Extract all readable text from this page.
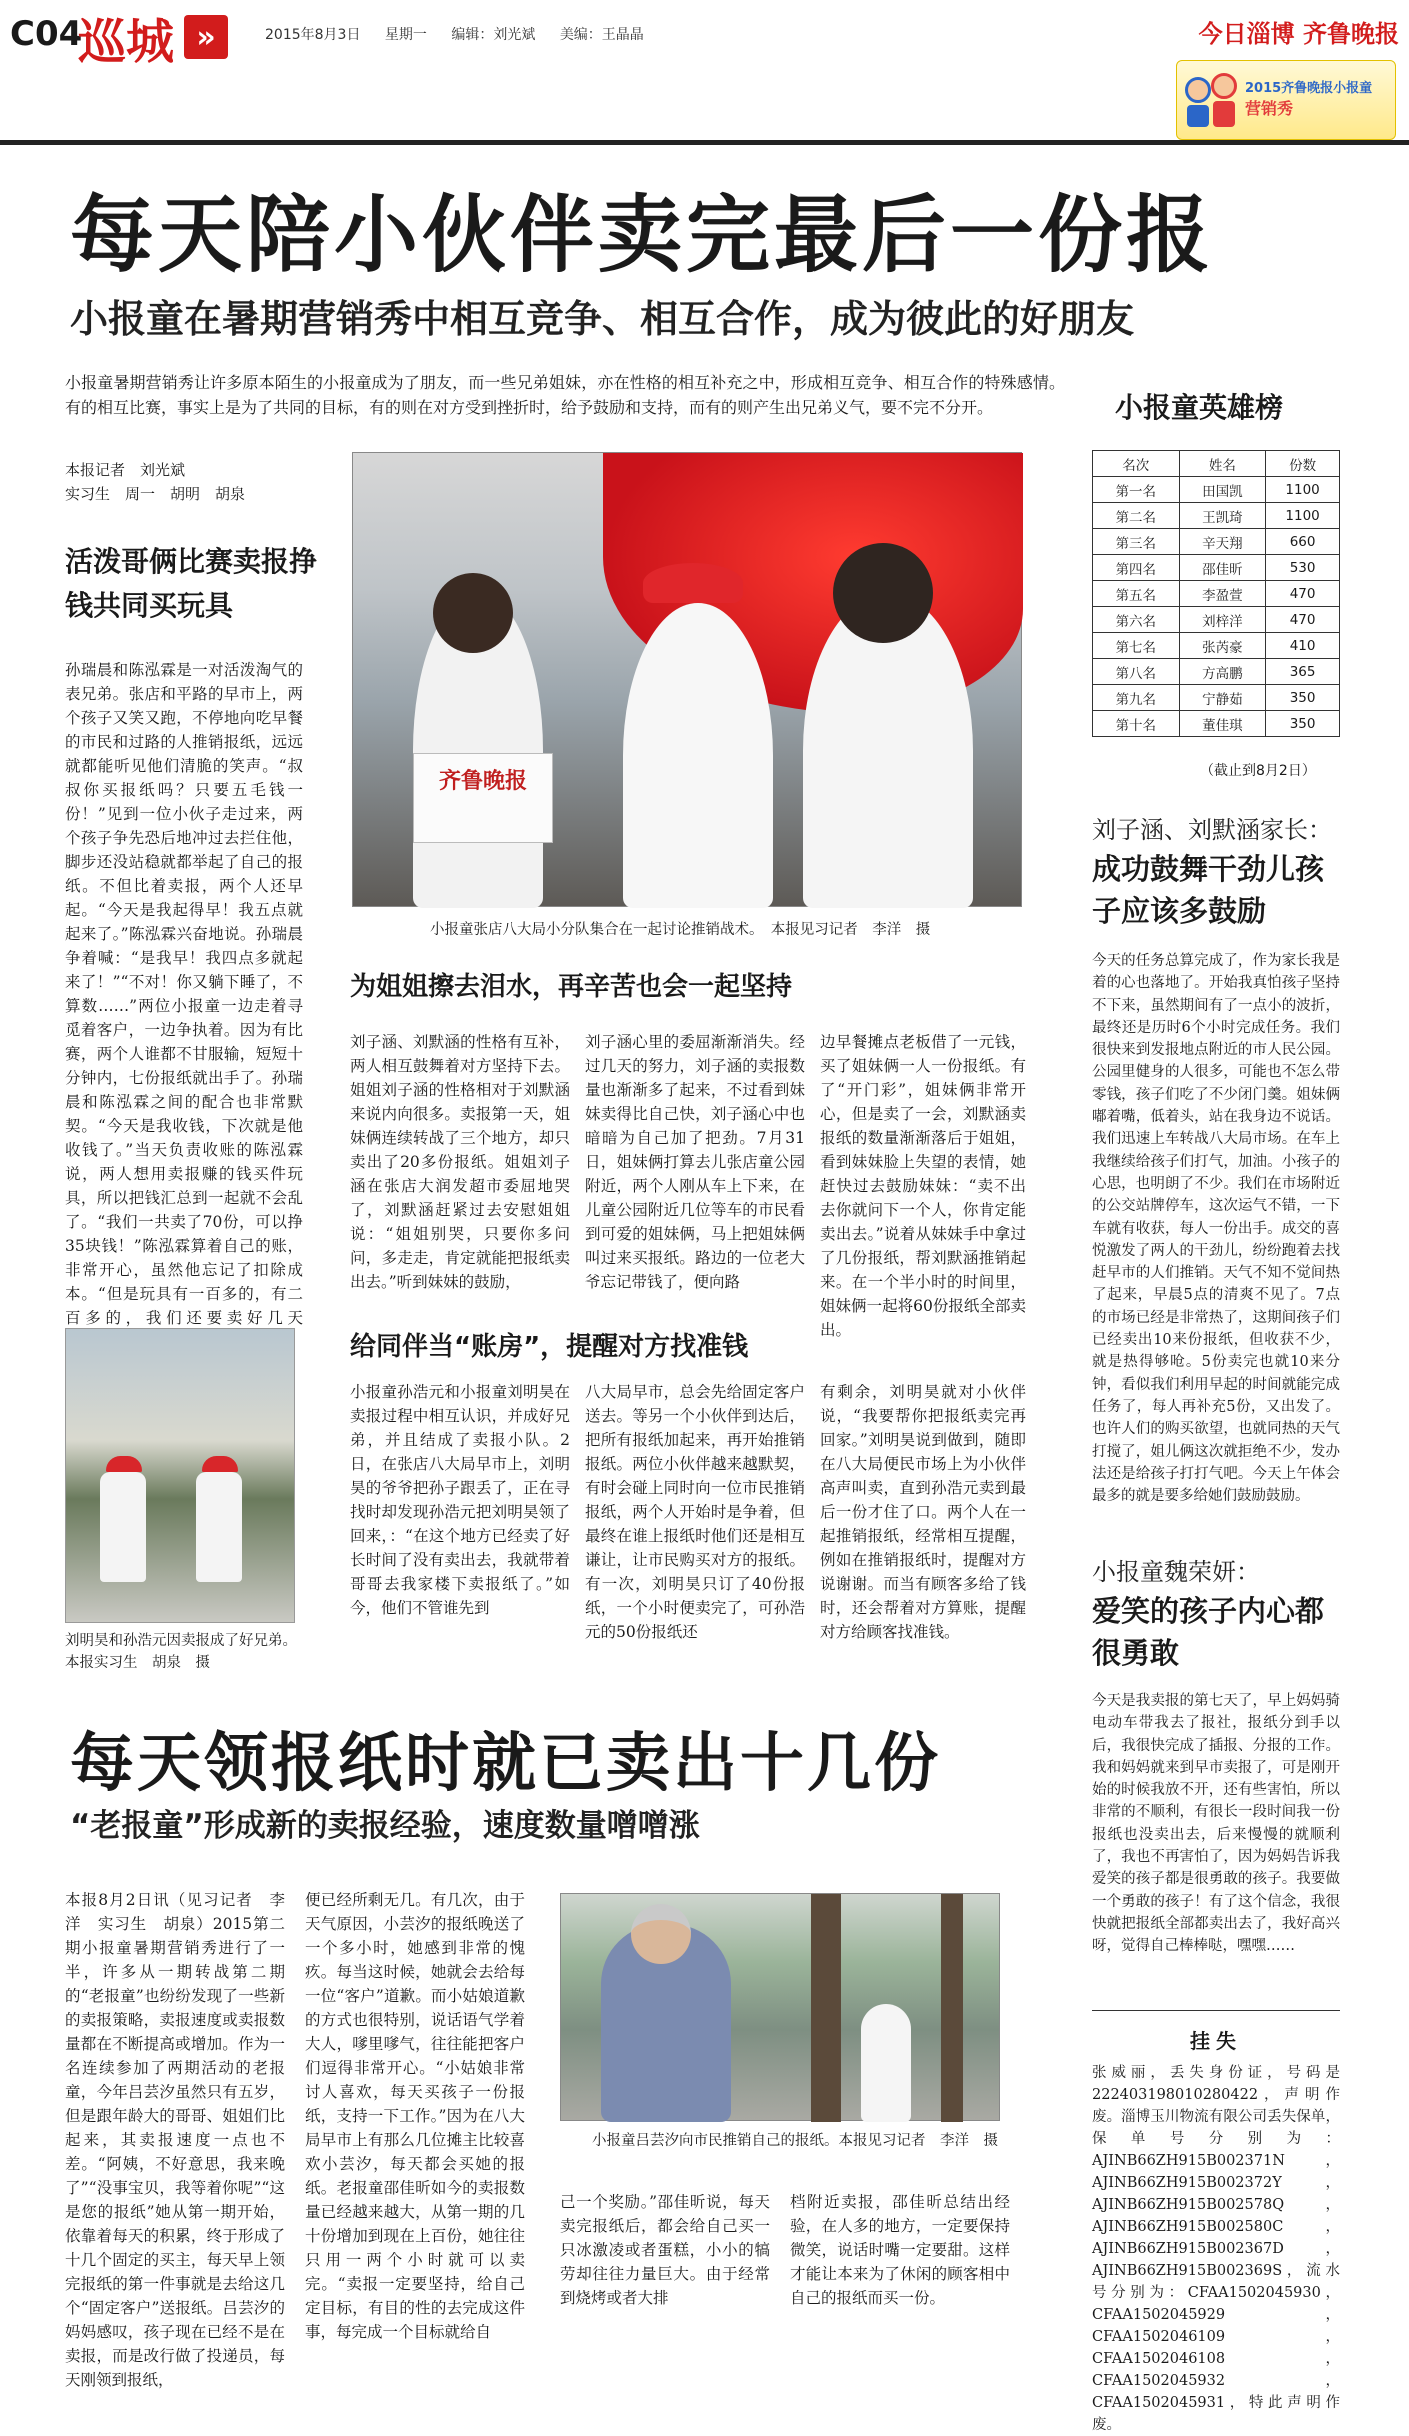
C04
巡城 »	2015年8月3日 星期一 编辑：刘光斌 美编：王晶晶	今日淄博 齐鲁晚报
2015齐鲁晚报小报童
营销秀
每天陪小伙伴卖完最后一份报
小报童在暑期营销秀中相互竞争、相互合作，成为彼此的好朋友

小报童暑期营销秀让许多原本陌生的小报童成为了朋友，而一些兄弟姐妹，亦在性格的相互补充之中，形成相互竞争、相互合作的特殊感情。有的相互比赛，事实上是为了共同的目标，有的则在对方受到挫折时，给予鼓励和支持，而有的则产生出兄弟义气，要不完不分开。

本报记者　刘光斌
实习生　周一　胡明　胡泉
活泼哥俩比赛卖报挣钱共同买玩具

孙瑞晨和陈泓霖是一对活泼淘气的表兄弟。张店和平路的早市上，两个孩子又笑又跑，不停地向吃早餐的市民和过路的人推销报纸，远远就都能听见他们清脆的笑声。“叔叔你买报纸吗？只要五毛钱一份！”见到一位小伙子走过来，两个孩子争先恐后地冲过去拦住他，脚步还没站稳就都举起了自己的报纸。不但比着卖报，两个人还早起。“今天是我起得早！我五点就起来了。”陈泓霖兴奋地说。孙瑞晨争着喊：“是我早！我四点多就起来了！”“不对！你又躺下睡了，不算数……”两位小报童一边走着寻觅着客户，一边争执着。因为有比赛，两个人谁都不甘服输，短短十分钟内，七份报纸就出手了。孙瑞晨和陈泓霖之间的配合也非常默契。“今天是我收钱，下次就是他收钱了。”当天负责收账的陈泓霖说，两人想用卖报赚的钱买件玩具，所以把钱汇总到一起就不会乱了。“我们一共卖了70份，可以挣35块钱！”陈泓霖算着自己的账，非常开心，虽然他忘记了扣除成本。“但是玩具有一百多的，有二百多的，我们还要卖好几天

齐鲁晚报
小报童张店八大局小分队集合在一起讨论推销战术。　本报见习记者　李洋　摄
为姐姐擦去泪水，再辛苦也会一起坚持

刘子涵、刘默涵的性格有互补，两人相互鼓舞着对方坚持下去。姐姐刘子涵的性格相对于刘默涵来说内向很多。卖报第一天，姐妹俩连续转战了三个地方，却只卖出了20多份报纸。姐姐刘子涵在张店大润发超市委屈地哭了，刘默涵赶紧过去安慰姐姐说：“姐姐别哭，只要你多问问，多走走，肯定就能把报纸卖出去。”听到妹妹的鼓励，

刘子涵心里的委屈渐渐消失。经过几天的努力，刘子涵的卖报数量也渐渐多了起来，不过看到妹妹卖得比自己快，刘子涵心中也暗暗为自己加了把劲。7月31日，姐妹俩打算去儿张店童公园附近，两个人刚从车上下来，在儿童公园附近几位等车的市民看到可爱的姐妹俩，马上把姐妹俩叫过来买报纸。路边的一位老大爷忘记带钱了，便向路

边早餐摊点老板借了一元钱，买了姐妹俩一人一份报纸。有了“开门彩”，姐妹俩非常开心，但是卖了一会，刘默涵卖报纸的数量渐渐落后于姐姐，看到妹妹脸上失望的表情，她赶快过去鼓励妹妹：“卖不出去你就问下一个人，你肯定能卖出去。”说着从妹妹手中拿过了几份报纸，帮刘默涵推销起来。在一个半小时的时间里，姐妹俩一起将60份报纸全部卖出。

给同伴当“账房”，提醒对方找准钱

小报童孙浩元和小报童刘明昊在卖报过程中相互认识，并成好兄弟，并且结成了卖报小队。2日，在张店八大局早市上，刘明昊的爷爷把孙子跟丢了，正在寻找时却发现孙浩元把刘明昊领了回来，：“在这个地方已经卖了好长时间了没有卖出去，我就带着哥哥去我家楼下卖报纸了。”如今，他们不管谁先到

八大局早市，总会先给固定客户送去。等另一个小伙伴到达后，把所有报纸加起来，再开始推销报纸。两位小伙伴越来越默契，有时会碰上同时向一位市民推销报纸，两个人开始时是争着，但最终在谁上报纸时他们还是相互谦让，让市民购买对方的报纸。有一次，刘明昊只订了40份报纸，一个小时便卖完了，可孙浩元的50份报纸还

有剩余，刘明昊就对小伙伴说，“我要帮你把报纸卖完再回家。”刘明昊说到做到，随即在八大局便民市场上为小伙伴高声叫卖，直到孙浩元卖到最后一份才住了口。两个人在一起推销报纸，经常相互提醒，例如在推销报纸时，提醒对方说谢谢。而当有顾客多给了钱时，还会帮着对方算账，提醒对方给顾客找准钱。

刘明昊和孙浩元因卖报成了好兄弟。 本报实习生　胡泉　摄
小报童英雄榜
名次	姓名	份数
第一名	田国凯	1100
第二名	王凯琦	1100
第三名	辛天翔	660
第四名	邵佳昕	530
第五名	李盈萱	470
第六名	刘梓洋	470
第七名	张芮豪	410
第八名	方高鹏	365
第九名	宁静茹	350
第十名	董佳琪	350
（截止到8月2日）
刘子涵、刘默涵家长：
成功鼓舞干劲儿孩子应该多鼓励

今天的任务总算完成了，作为家长我是着的心也落地了。开始我真怕孩子坚持不下来，虽然期间有了一点小的波折，最终还是历时6个小时完成任务。我们很快来到发报地点附近的市人民公园。公园里健身的人很多，可能也不怎么带零钱，孩子们吃了不少闭门羹。姐妹俩嘟着嘴，低着头，站在我身边不说话。我们迅速上车转战八大局市场。在车上我继续给孩子们打气，加油。小孩子的心思，也明朗了不少。我们在市场附近的公交站牌停车，这次运气不错，一下车就有收获，每人一份出手。成交的喜悦激发了两人的干劲儿，纷纷跑着去找赶早市的人们推销。天气不知不觉间热了起来，早晨5点的清爽不见了。7点的市场已经是非常热了，这期间孩子们已经卖出10来份报纸，但收获不少，就是热得够呛。5份卖完也就10来分钟，看似我们利用早起的时间就能完成任务了，每人再补充5份，又出发了。也许人们的购买欲望，也就同热的天气打搅了，姐儿俩这次就拒绝不少，发办法还是给孩子打打气吧。今天上午体会最多的就是要多给她们鼓励鼓励。

小报童魏荣妍：
爱笑的孩子内心都很勇敢

今天是我卖报的第七天了，早上妈妈骑电动车带我去了报社，报纸分到手以后，我很快完成了插报、分报的工作。我和妈妈就来到早市卖报了，可是刚开始的时候我放不开，还有些害怕，所以非常的不顺利，有很长一段时间我一份报纸也没卖出去，后来慢慢的就顺利了，我也不再害怕了，因为妈妈告诉我爱笑的孩子都是很勇敢的孩子。我要做一个勇敢的孩子！有了这个信念，我很快就把报纸全部都卖出去了，我好高兴呀，觉得自己棒棒哒，嘿嘿……

挂失

张威丽，丢失身份证，号码是222403198010280422，声明作废。淄博玉川物流有限公司丢失保单，保单号分别为：AJINB66ZH915B002371N，AJINB66ZH915B002372Y，AJINB66ZH915B002578Q，AJINB66ZH915B002580C，AJINB66ZH915B002367D，AJINB66ZH915B002369S，流水号分别为：CFAA1502045930，CFAA1502045929，CFAA1502046109，CFAA1502046108，CFAA1502045932，CFAA1502045931，特此声明作废。

每天领报纸时就已卖出十几份
“老报童”形成新的卖报经验，速度数量噌噌涨

本报8月2日讯（见习记者　李洋　实习生　胡泉）2015第二期小报童暑期营销秀进行了一半，许多从一期转战第二期的“老报童”也纷纷发现了一些新的卖报策略，卖报速度或卖报数量都在不断提高或增加。作为一名连续参加了两期活动的老报童，今年吕芸汐虽然只有五岁，但是跟年龄大的哥哥、姐姐们比起来，其卖报速度一点也不差。“阿姨，不好意思，我来晚了”“没事宝贝，我等着你呢”“这是您的报纸”她从第一期开始，依靠着每天的积累，终于形成了十几个固定的买主，每天早上领完报纸的第一件事就是去给这几个“固定客户”送报纸。吕芸汐的妈妈感叹，孩子现在已经不是在卖报，而是改行做了投递员，每天刚领到报纸，

便已经所剩无几。有几次，由于天气原因，小芸汐的报纸晚送了一个多小时，她感到非常的愧疚。每当这时候，她就会去给每一位“客户”道歉。而小姑娘道歉的方式也很特别，说话语气学着大人，嗲里嗲气，往往能把客户们逗得非常开心。“小姑娘非常讨人喜欢，每天买孩子一份报纸，支持一下工作。”因为在八大局早市上有那么几位摊主比较喜欢小芸汐，每天都会买她的报纸。老报童邵佳昕如今的卖报数量已经越来越大，从第一期的几十份增加到现在上百份，她往往只用一两个小时就可以卖完。“卖报一定要坚持，给自己定目标，有目的性的去完成这件事，每完成一个目标就给自

小报童吕芸汐向市民推销自己的报纸。本报见习记者　李洋　摄

己一个奖励。”邵佳昕说，每天卖完报纸后，都会给自己买一只冰激凌或者蛋糕，小小的犒劳却往往力量巨大。由于经常到烧烤或者大排

档附近卖报，邵佳昕总结出经验，在人多的地方，一定要保持微笑，说话时嘴一定要甜。这样才能让本来为了休闲的顾客相中自己的报纸而买一份。
